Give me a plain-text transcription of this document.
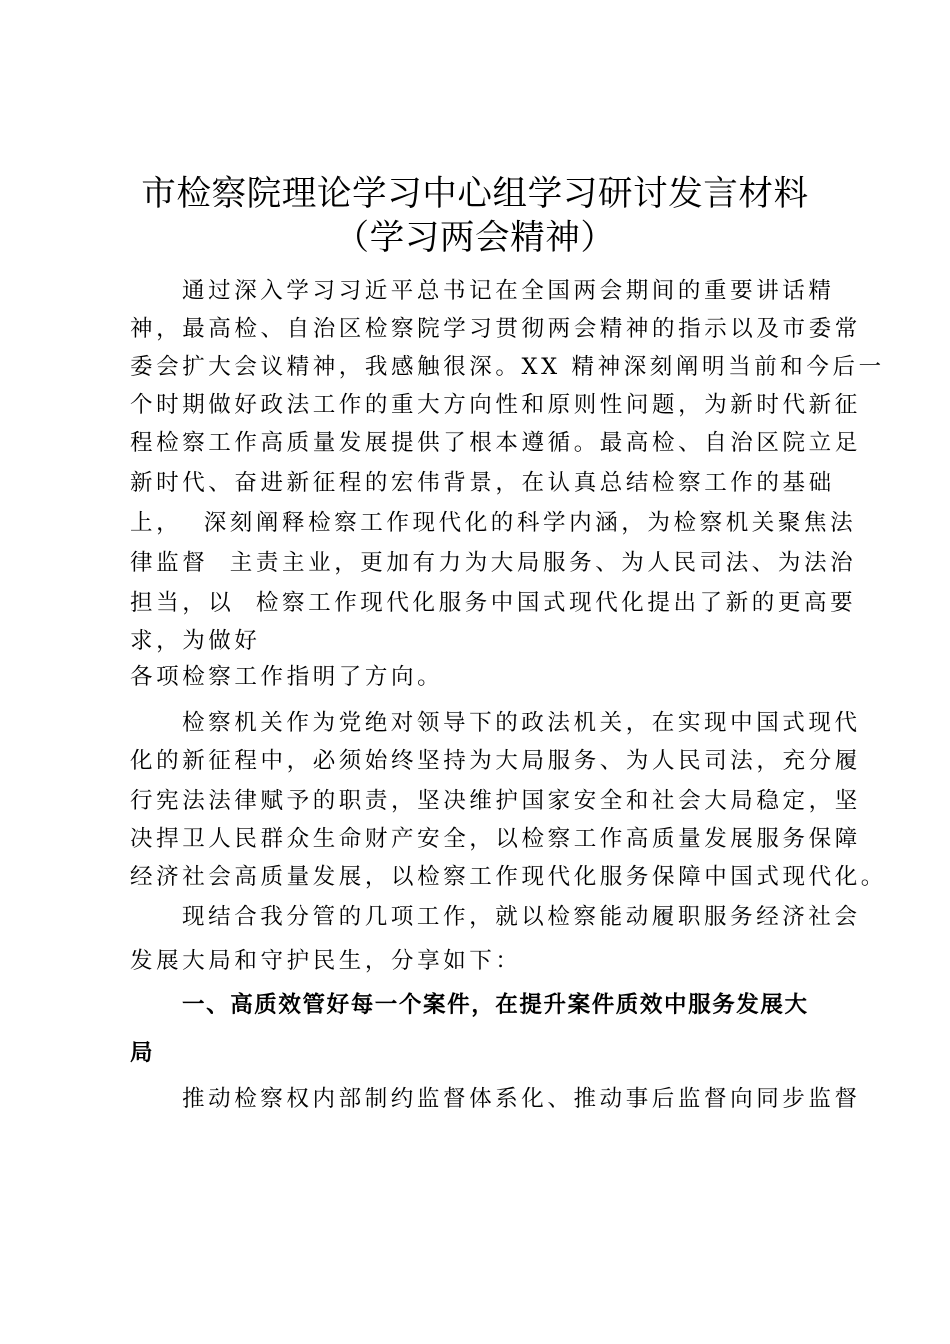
市检察院理论学习中心组学习研讨发言材料
（学习两会精神）
通过深入学习习近平总书记在全国两会期间的重要讲话精
神，最高检、自治区检察院学习贯彻两会精神的指示以及市委常
委会扩大会议精神，我感触很深。XX 精神深刻阐明当前和今后一
个时期做好政法工作的重大方向性和原则性问题，为新时代新征
程检察工作高质量发展提供了根本遵循。最高检、自治区院立足
新时代、奋进新征程的宏伟背景，在认真总结检察工作的基础
上，  深刻阐释检察工作现代化的科学内涵，为检察机关聚焦法
律监督  主责主业，更加有力为大局服务、为人民司法、为法治
担当，以  检察工作现代化服务中国式现代化提出了新的更高要
求，为做好
各项检察工作指明了方向。
检察机关作为党绝对领导下的政法机关，在实现中国式现代
化的新征程中，必须始终坚持为大局服务、为人民司法，充分履
行宪法法律赋予的职责，坚决维护国家安全和社会大局稳定，坚
决捍卫人民群众生命财产安全，以检察工作高质量发展服务保障
经济社会高质量发展，以检察工作现代化服务保障中国式现代化。
现结合我分管的几项工作，就以检察能动履职服务经济社会
发展大局和守护民生，分享如下：
一、高质效管好每一个案件，在提升案件质效中服务发展大
局
推动检察权内部制约监督体系化、推动事后监督向同步监督
